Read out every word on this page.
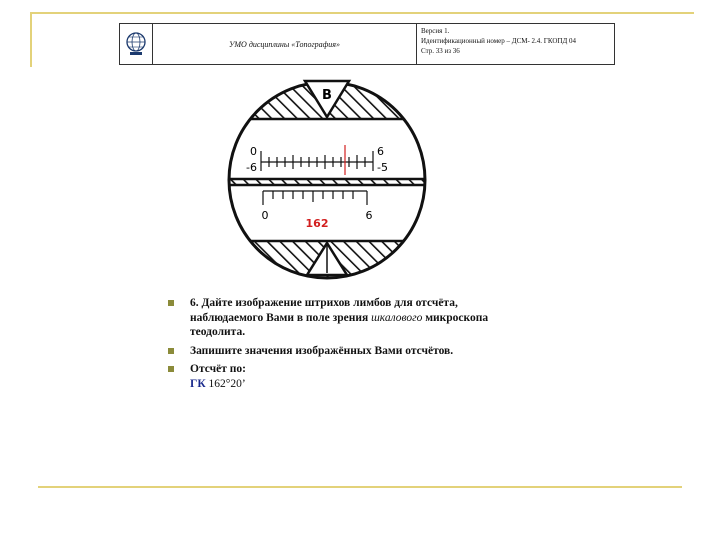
УМО дисциплины «Топография»
Версия 1.
Идентификационный номер – ДСМ- 2.4. ГКОПД 04
Стр. 33 из 36
В
0
-6
6
-5
0	6
162
6. Дайте изображение штрихов лимбов для отсчёта, наблюдаемого Вами в поле зрения шкалового микроскопа теодолита.
Запишите значения изображённых Вами отсчётов.
Отсчёт по:
ГК 162°20’
